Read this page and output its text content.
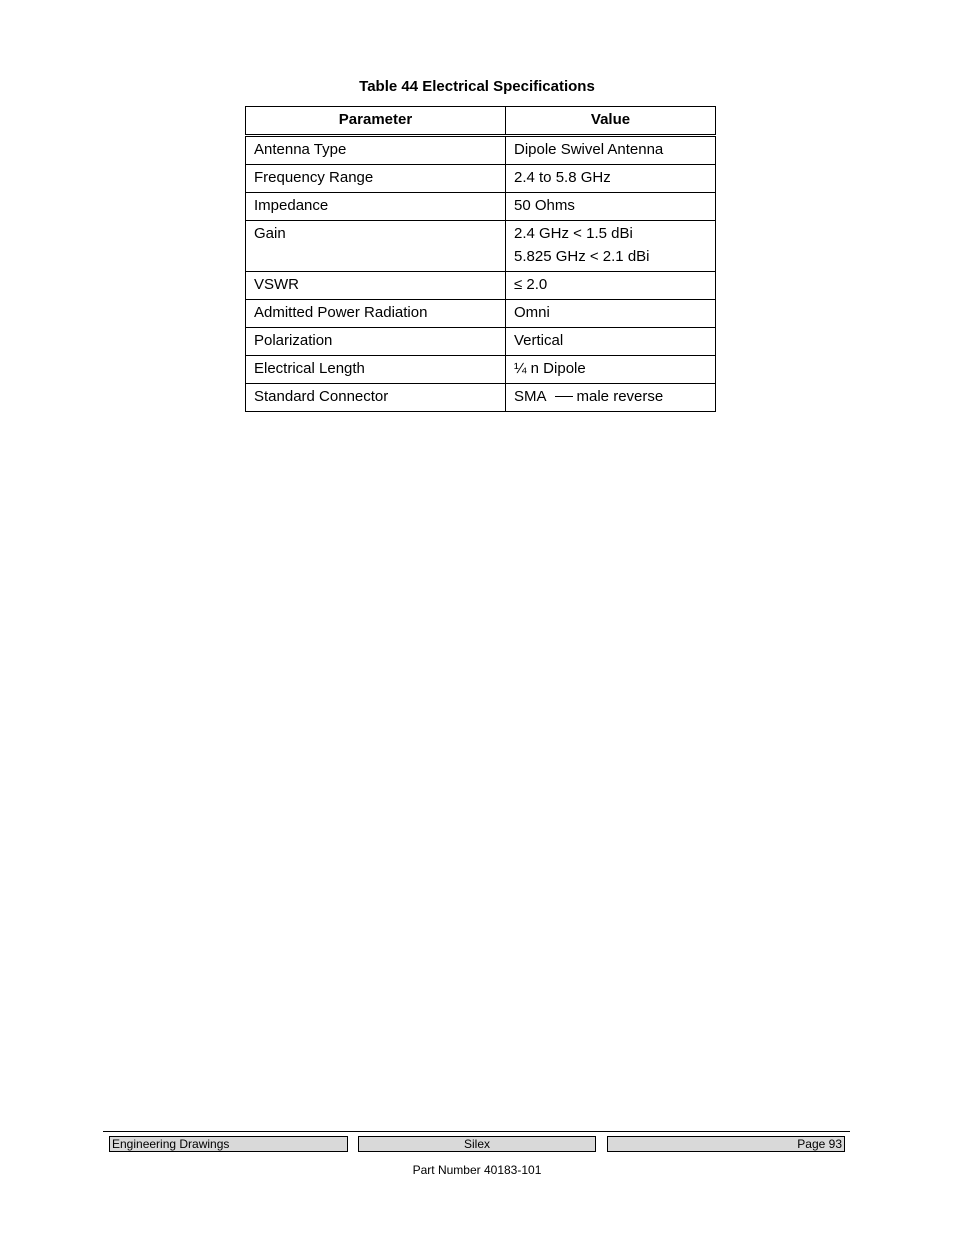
Table 44 Electrical Specifications
Parameter	Value
Antenna Type	Dipole Swivel Antenna
Frequency Range	2.4 to 5.8 GHz
Impedance	50 Ohms
Gain	2.4 GHz < 1.5 dBi
5.825 GHz < 2.1 dBi

VSWR	≤ 2.0
Admitted Power Radiation	Omni
Polarization	Vertical
Electrical Length	¼ n Dipole
Standard Connector	SMA male reverse
Engineering Drawings	Silex	Page 93
Part Number 40183-101
